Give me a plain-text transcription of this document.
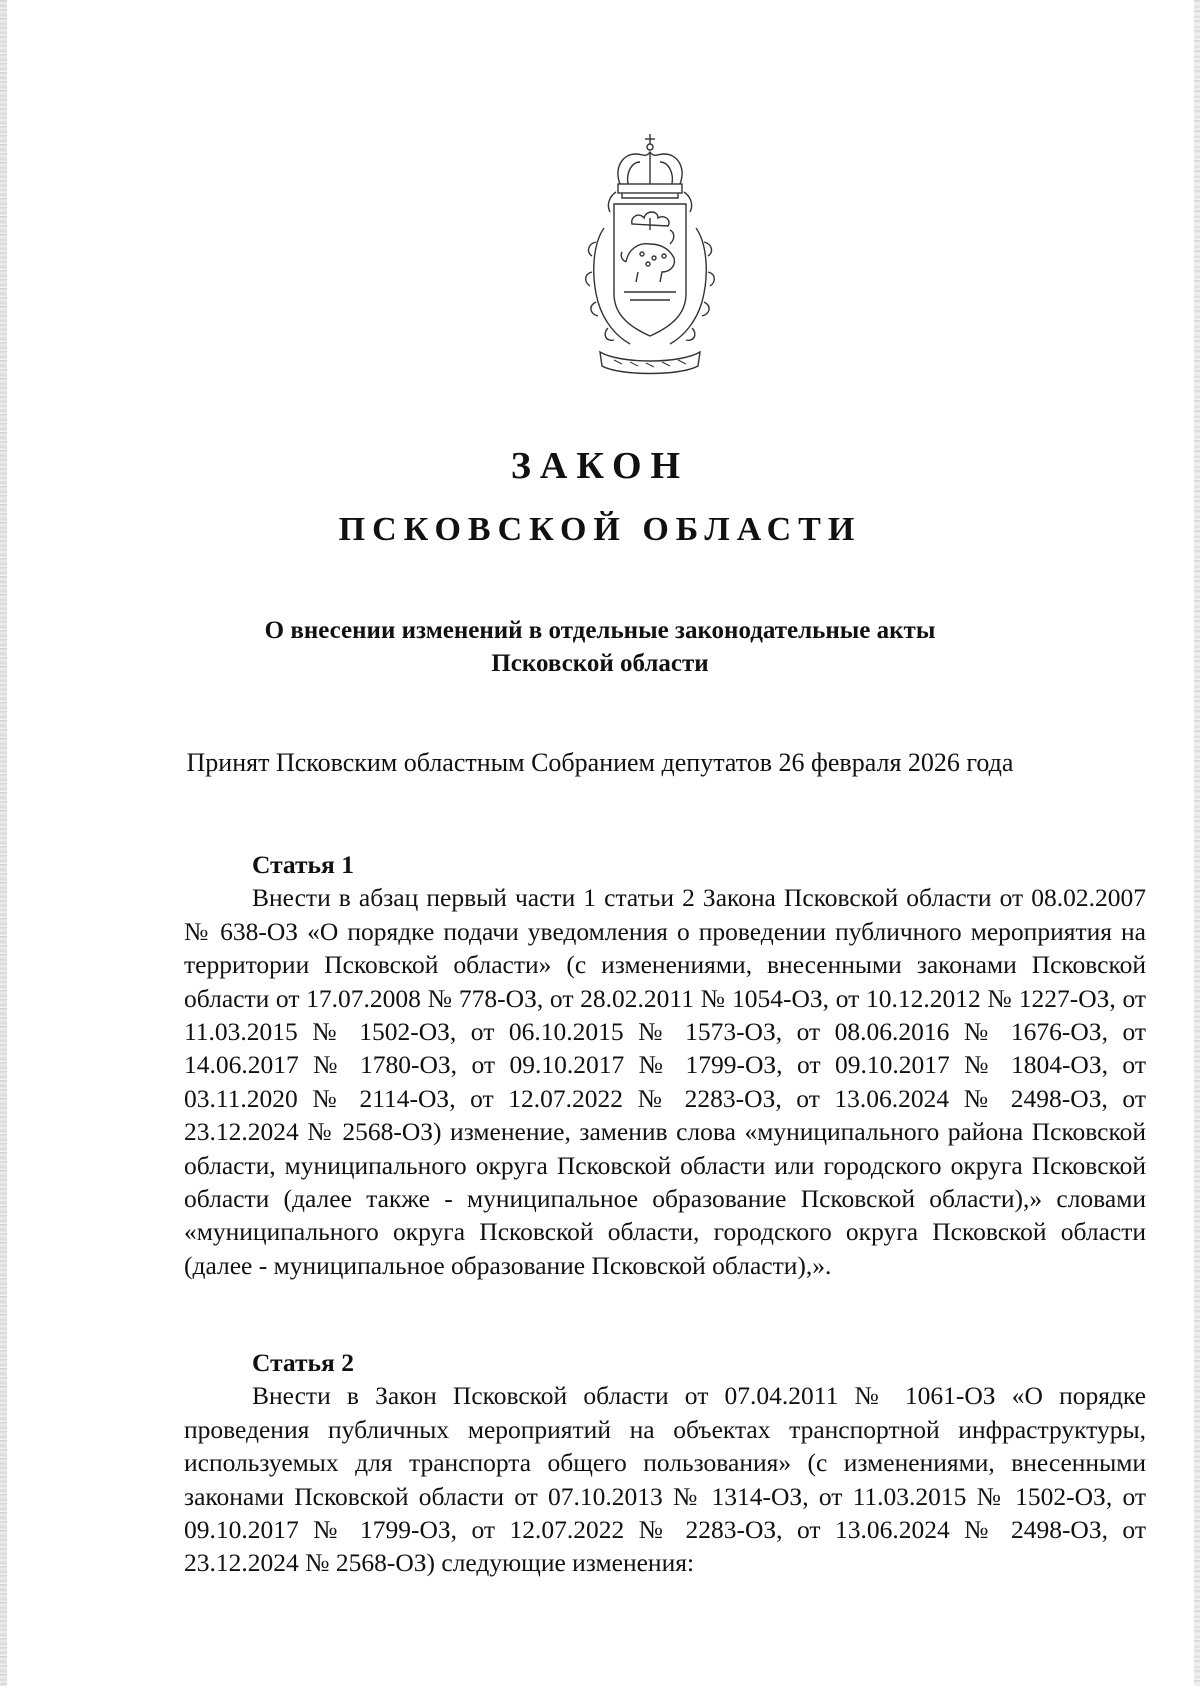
ЗАКОН
ПСКОВСКОЙ ОБЛАСТИ
О внесении изменений в отдельные законодательные акты
Псковской области
Принят Псковским областным Собранием депутатов 26 февраля 2026 года

Статья 1

Внести в абзац первый части 1 статьи 2 Закона Псковской области от 08.02.2007 № 638-ОЗ «О порядке подачи уведомления о проведении публичного мероприятия на территории Псковской области» (с изменениями, внесенными законами Псковской области от 17.07.2008 № 778-ОЗ, от 28.02.2011 № 1054-ОЗ, от 10.12.2012 № 1227-ОЗ, от 11.03.2015 № 1502-ОЗ, от 06.10.2015 № 1573-ОЗ, от 08.06.2016 № 1676-ОЗ, от 14.06.2017 № 1780-ОЗ, от 09.10.2017 № 1799-ОЗ, от 09.10.2017 № 1804-ОЗ, от 03.11.2020 № 2114-ОЗ, от 12.07.2022 № 2283-ОЗ, от 13.06.2024 № 2498-ОЗ, от 23.12.2024 № 2568-ОЗ) изменение, заменив слова «муниципального района Псковской области, муниципального округа Псковской области или городского округа Псковской области (далее также - муниципальное образование Псковской области),» словами «муниципального округа Псковской области, городского округа Псковской области (далее - муниципальное образование Псковской области),».

Статья 2

Внести в Закон Псковской области от 07.04.2011 № 1061-ОЗ «О порядке проведения публичных мероприятий на объектах транспортной инфраструктуры, используемых для транспорта общего пользования» (с изменениями, внесенными законами Псковской области от 07.10.2013 № 1314-ОЗ, от 11.03.2015 № 1502-ОЗ, от 09.10.2017 № 1799-ОЗ, от 12.07.2022 № 2283-ОЗ, от 13.06.2024 № 2498-ОЗ, от 23.12.2024 № 2568-ОЗ) следующие изменения:
